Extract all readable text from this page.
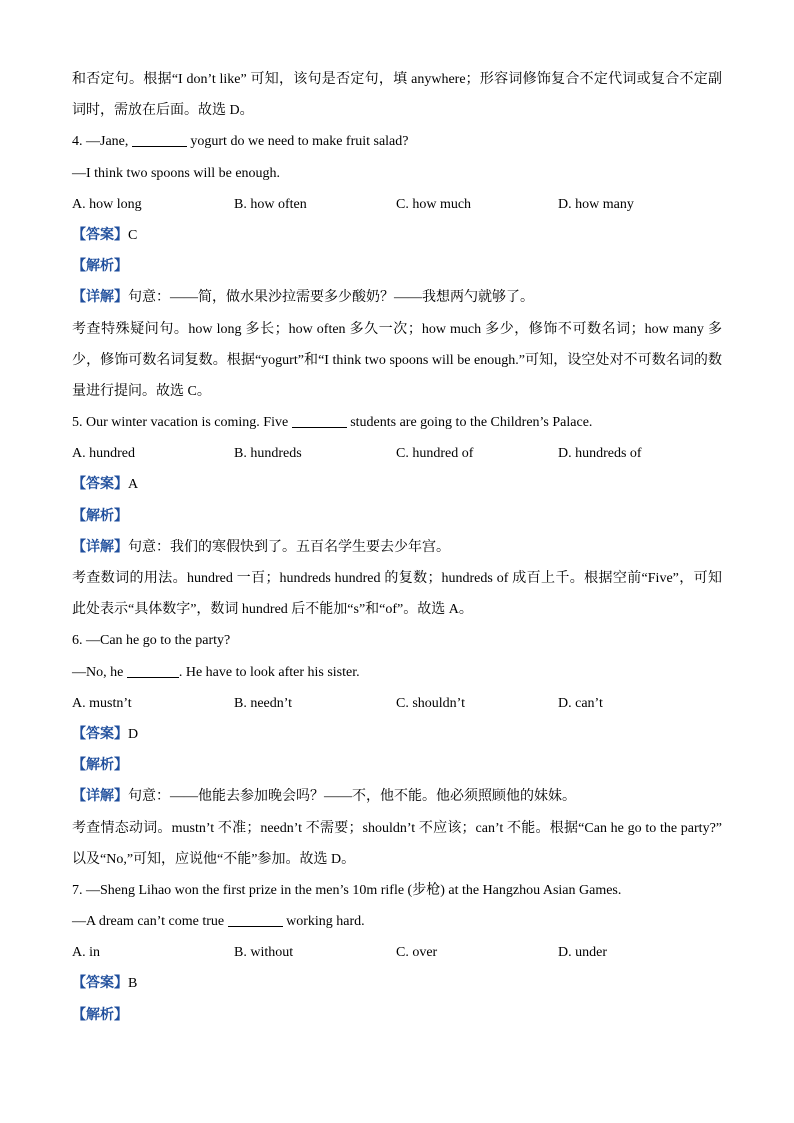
和否定句。根据“I don’t like” 可知，该句是否定句，填 anywhere；形容词修饰复合不定代词或复合不定副
词时，需放在后面。故选 D。
4. —Jane,	yogurt do we need to make fruit salad?
—I think two spoons will be enough.
A. how long	B. how often	C. how much	D. how many
【答案】C
【解析】
【详解】句意：——简，做水果沙拉需要多少酸奶？——我想两勺就够了。
考查特殊疑问句。how long 多长；how often 多久一次；how much 多少，修饰不可数名词；how many 多
少，修饰可数名词复数。根据“yogurt”和“I think two spoons will be enough.”可知，设空处对不可数名词的数
量进行提问。故选 C。
5. Our winter vacation is coming. Five	students are going to the Children’s Palace.
A. hundred	B. hundreds	C. hundred of	D. hundreds of
【答案】A
【解析】
【详解】句意：我们的寒假快到了。五百名学生要去少年宫。
考查数词的用法。hundred 一百；hundreds hundred 的复数；hundreds of 成百上千。根据空前“Five”，可知
此处表示“具体数字”，数词 hundred 后不能加“s”和“of”。故选 A。
6. —Can he go to the party?
—No, he	. He have to look after his sister.
A. mustn’t	B. needn’t	C. shouldn’t	D. can’t
【答案】D
【解析】
【详解】句意：——他能去参加晚会吗？——不，他不能。他必须照顾他的妹妹。
考查情态动词。mustn’t 不准；needn’t 不需要；shouldn’t 不应该；can’t 不能。根据“Can he go to the party?”
以及“No,”可知，应说他“不能”参加。故选 D。
7. —Sheng Lihao won the first prize in the men’s 10m rifle (步枪) at the Hangzhou Asian Games.
—A dream can’t come true	working hard.
A. in	B. without	C. over	D. under
【答案】B
【解析】
